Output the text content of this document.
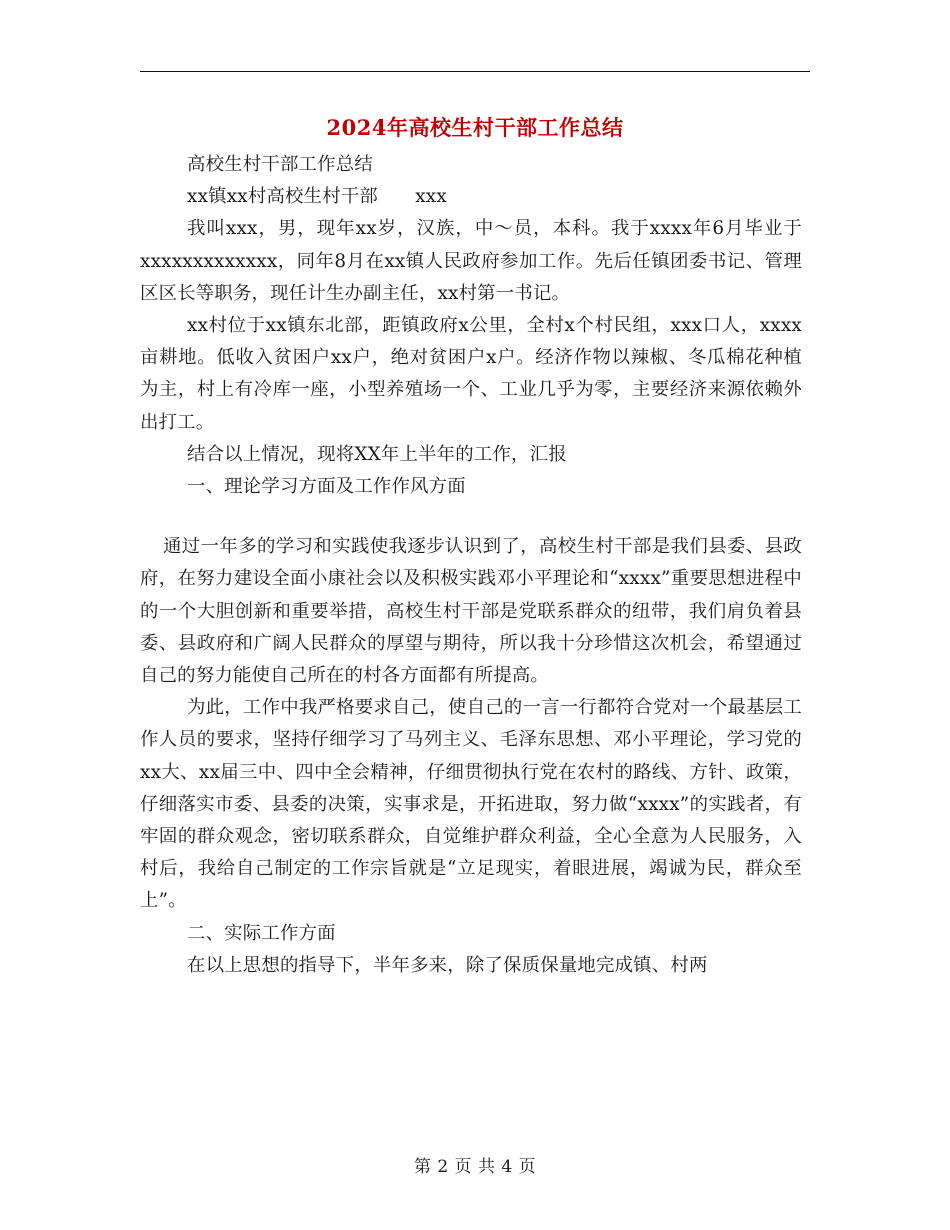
2024年高校生村干部工作总结

高校生村干部工作总结

xx镇xx村高校生村干部　　xxx

我叫xxx，男，现年xx岁，汉族，中～员，本科。我于xxxx年6月毕业于xxxxxxxxxxxxx，同年8月在xx镇人民政府参加工作。先后任镇团委书记、管理区区长等职务，现任计生办副主任，xx村第一书记。

xx村位于xx镇东北部，距镇政府x公里，全村x个村民组，xxx口人，xxxx亩耕地。低收入贫困户xx户，绝对贫困户x户。经济作物以辣椒、冬瓜棉花种植为主，村上有冷库一座，小型养殖场一个、工业几乎为零，主要经济来源依赖外出打工。

结合以上情况，现将XX年上半年的工作，汇报

一、理论学习方面及工作作风方面

通过一年多的学习和实践使我逐步认识到了，高校生村干部是我们县委、县政府，在努力建设全面小康社会以及积极实践邓小平理论和“xxxx”重要思想进程中的一个大胆创新和重要举措，高校生村干部是党联系群众的纽带，我们肩负着县委、县政府和广阔人民群众的厚望与期待，所以我十分珍惜这次机会，希望通过自己的努力能使自己所在的村各方面都有所提高。

为此，工作中我严格要求自己，使自己的一言一行都符合党对一个最基层工作人员的要求，坚持仔细学习了马列主义、毛泽东思想、邓小平理论，学习党的xx大、xx届三中、四中全会精神，仔细贯彻执行党在农村的路线、方针、政策，仔细落实市委、县委的决策，实事求是，开拓进取，努力做“xxxx”的实践者，有牢固的群众观念，密切联系群众，自觉维护群众利益，全心全意为人民服务，入村后，我给自己制定的工作宗旨就是“立足现实，着眼进展，竭诚为民，群众至上”。

二、实际工作方面

在以上思想的指导下，半年多来，除了保质保量地完成镇、村两

第 2 页 共 4 页
